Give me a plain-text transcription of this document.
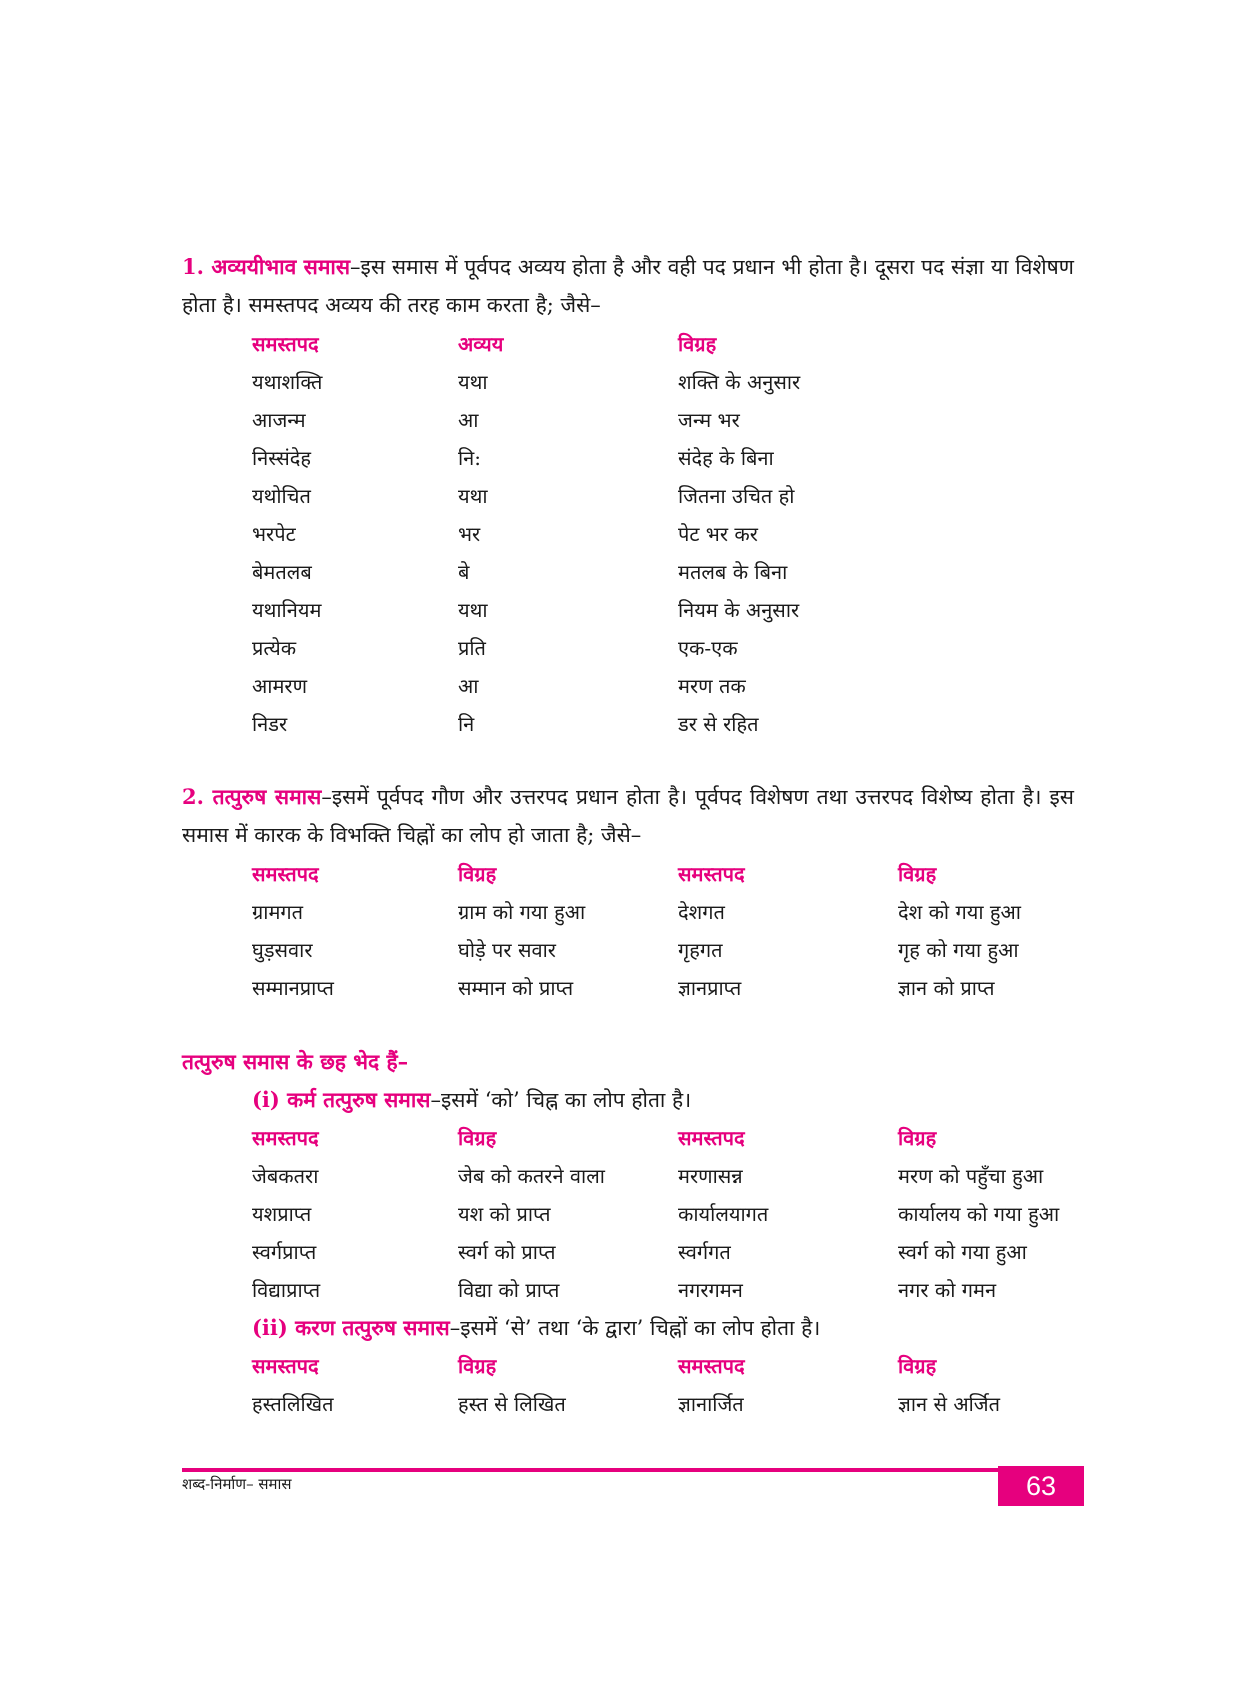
1. अव्ययीभाव समास–इस समास में पूर्वपद अव्यय होता है और वही पद प्रधान भी होता है। दूसरा पद संज्ञा या विशेषण होता है। समस्तपद अव्यय की तरह काम करता है; जैसे–
समस्तपद	अव्यय	विग्रह
यथाशक्ति	यथा	शक्ति के अनुसार
आजन्म	आ	जन्म भर
निस्संदेह	नि:	संदेह के बिना
यथोचित	यथा	जितना उचित हो
भरपेट	भर	पेट भर कर
बेमतलब	बे	मतलब के बिना
यथानियम	यथा	नियम के अनुसार
प्रत्येक	प्रति	एक-एक
आमरण	आ	मरण तक
निडर	नि	डर से रहित
2. तत्पुरुष समास–इसमें पूर्वपद गौण और उत्तरपद प्रधान होता है। पूर्वपद विशेषण तथा उत्तरपद विशेष्य होता है। इस समास में कारक के विभक्ति चिह्नों का लोप हो जाता है; जैसे–
समस्तपद	विग्रह	समस्तपद	विग्रह
ग्रामगत	ग्राम को गया हुआ	देशगत	देश को गया हुआ
घुड़सवार	घोड़े पर सवार	गृहगत	गृह को गया हुआ
सम्मानप्राप्त	सम्मान को प्राप्त	ज्ञानप्राप्त	ज्ञान को प्राप्त
तत्पुरुष समास के छह भेद हैं–
(i) कर्म तत्पुरुष समास–इसमें ‘को’ चिह्न का लोप होता है।
समस्तपद	विग्रह	समस्तपद	विग्रह
जेबकतरा	जेब को कतरने वाला	मरणासन्न	मरण को पहुँचा हुआ
यशप्राप्त	यश को प्राप्त	कार्यालयागत	कार्यालय को गया हुआ
स्वर्गप्राप्त	स्वर्ग को प्राप्त	स्वर्गगत	स्वर्ग को गया हुआ
विद्याप्राप्त	विद्या को प्राप्त	नगरगमन	नगर को गमन
(ii) करण तत्पुरुष समास–इसमें ‘से’ तथा ‘के द्वारा’ चिह्नों का लोप होता है।
समस्तपद	विग्रह	समस्तपद	विग्रह
हस्तलिखित	हस्त से लिखित	ज्ञानार्जित	ज्ञान से अर्जित
शब्द-निर्माण– समास	63
